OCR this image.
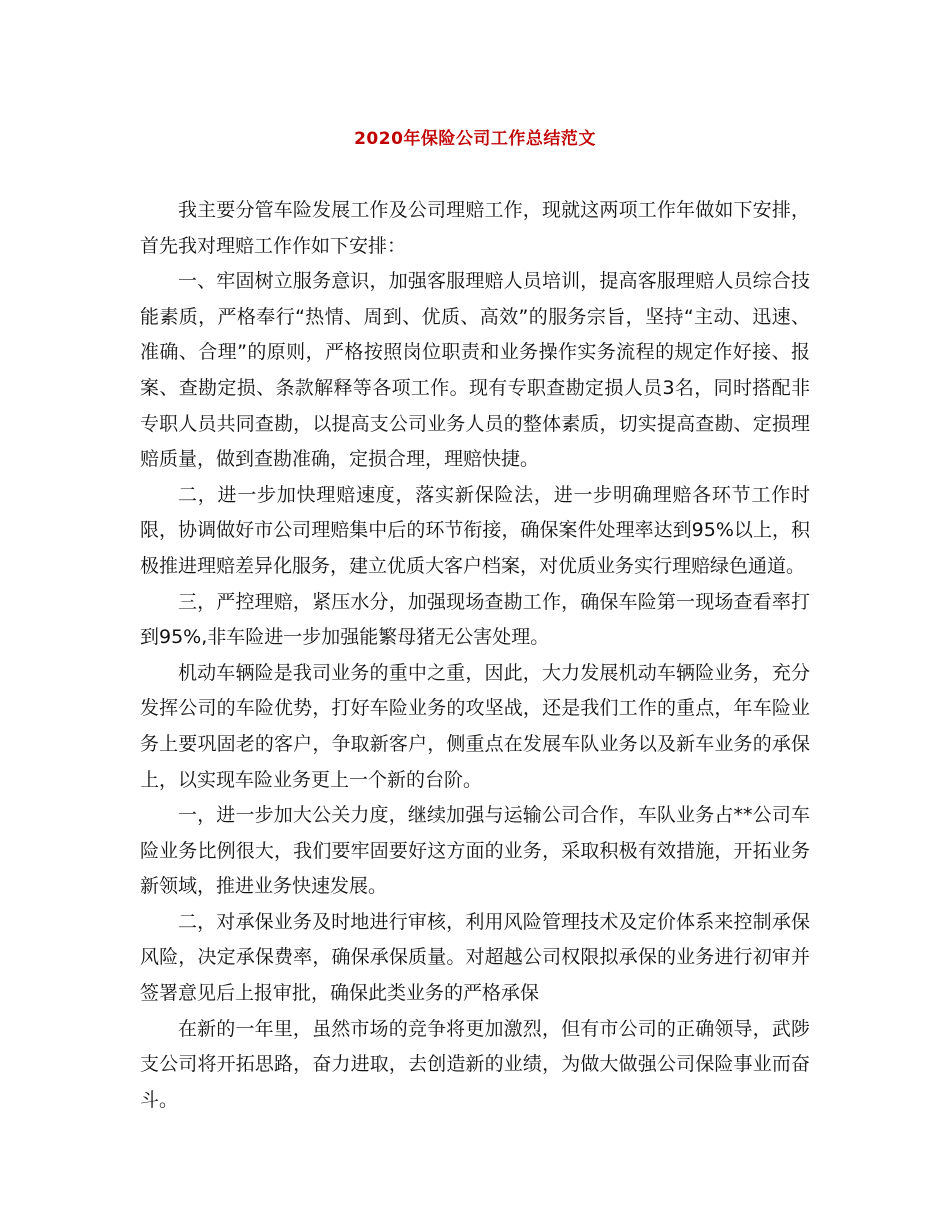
2020年保险公司工作总结范文

我主要分管车险发展工作及公司理赔工作，现就这两项工作年做如下安排，首先我对理赔工作作如下安排：

一、牢固树立服务意识，加强客服理赔人员培训，提高客服理赔人员综合技能素质，严格奉行“热情、周到、优质、高效”的服务宗旨，坚持“主动、迅速、准确、合理”的原则，严格按照岗位职责和业务操作实务流程的规定作好接、报案、查勘定损、条款解释等各项工作。现有专职查勘定损人员3名，同时搭配非专职人员共同查勘，以提高支公司业务人员的整体素质，切实提高查勘、定损理赔质量，做到查勘准确，定损合理，理赔快捷。

二，进一步加快理赔速度，落实新保险法，进一步明确理赔各环节工作时限，协调做好市公司理赔集中后的环节衔接，确保案件处理率达到95%以上，积极推进理赔差异化服务，建立优质大客户档案，对优质业务实行理赔绿色通道。

三，严控理赔，紧压水分，加强现场查勘工作，确保车险第一现场查看率打到95%,非车险进一步加强能繁母猪无公害处理。

机动车辆险是我司业务的重中之重，因此，大力发展机动车辆险业务，充分发挥公司的车险优势，打好车险业务的攻坚战，还是我们工作的重点，年车险业务上要巩固老的客户，争取新客户，侧重点在发展车队业务以及新车业务的承保上，以实现车险业务更上一个新的台阶。

一，进一步加大公关力度，继续加强与运输公司合作，车队业务占**公司车险业务比例很大，我们要牢固要好这方面的业务，采取积极有效措施，开拓业务新领域，推进业务快速发展。

二，对承保业务及时地进行审核，利用风险管理技术及定价体系来控制承保风险，决定承保费率，确保承保质量。对超越公司权限拟承保的业务进行初审并签署意见后上报审批，确保此类业务的严格承保

在新的一年里，虽然市场的竞争将更加激烈，但有市公司的正确领导，武陟支公司将开拓思路，奋力进取，去创造新的业绩，为做大做强公司保险事业而奋斗。
